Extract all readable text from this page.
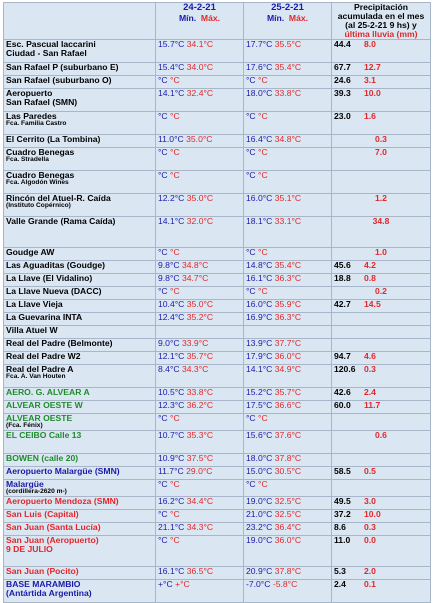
	24-2-21
Mín. Máx.	25-2-21
Mín. Máx.	Precipitación acumulada en el mes (al 25-2-21 9 hs) y última lluvia (mm)
Esc. Pascual Iaccarini
Ciudad - San Rafael	15.7°C 34.1°C	17.7°C 35.5°C	44.4 8.0
San Rafael P (suburbano E)	15.4°C 34.0°C	17.6°C 35.4°C	67.7 12.7
San Rafael (suburbano O)	°C °C	°C °C	24.6 3.1
Aeropuerto
San Rafael (SMN)	14.1°C 32.4°C	18.0°C 33.8°C	39.3 10.0
Las Paredes
Fca. Familia Castro	°C °C	°C °C	23.0 1.6
El Cerrito (La Tombina)	11.0°C 35.0°C	16.4°C 34.8°C	0.3
Cuadro Benegas
Fca. Stradella	°C °C	°C °C	7.0
Cuadro Benegas
Fca. Algodón Wines	°C °C	°C °C	
Rincón del Atuel-R. Caída
(Instituto Copérnico)	12.2°C 35.0°C	16.0°C 35.1°C	1.2
Valle Grande (Rama Caída)	14.1°C 32.0°C	18.1°C 33.1°C	34.8
Goudge AW	°C °C	°C °C	1.0
Las Aguaditas (Goudge)	9.8°C 34.8°C	14.8°C 35.4°C	45.6 4.2
La Llave (El Vidalino)	9.8°C 34.7°C	16.1°C 36.3°C	18.8 0.8
La Llave Nueva (DACC)	°C °C	°C °C	0.2
La Llave Vieja	10.4°C 35.0°C	16.0°C 35.9°C	42.7 14.5
La Guevarina INTA	12.4°C 35.2°C	16.9°C 36.3°C	
Villa Atuel W			
Real del Padre (Belmonte)	9.0°C 33.9°C	13.9°C 37.7°C	
Real del Padre W2	12.1°C 35.7°C	17.9°C 36.0°C	94.7 4.6
Real del Padre A
Fca. A. Van Houten	8.4°C 34.3°C	14.1°C 34.9°C	120.6 0.3
AERO. G. ALVEAR A	10.5°C 33.8°C	15.2°C 35.7°C	42.6 2.4
ALVEAR OESTE W	12.3°C 36.2°C	17.5°C 36.6°C	60.0 11.7
ALVEAR OESTE
(Fca. Fénix)	°C °C	°C °C	
EL CEIBO Calle 13	10.7°C 35.3°C	15.6°C 37.6°C	0.6
BOWEN (calle 20)	10.9°C 37.5°C	18.0°C 37.8°C	
Aeropuerto Malargüe (SMN)	11.7°C 29.0°C	15.0°C 30.5°C	58.5 0.5
Malargüe
(cordillera-2620 m-)	°C °C	°C °C	
Aeropuerto Mendoza (SMN)	16.2°C 34.4°C	19.0°C 32.5°C	49.5 3.0
San Luis (Capital)	°C °C	21.0°C 32.5°C	37.2 10.0
San Juan (Santa Lucía)	21.1°C 34.3°C	23.2°C 36.4°C	8.6 0.3
San Juan (Aeropuerto)
9 DE JULIO	°C °C	19.0°C 36.0°C	11.0 0.0
San Juan (Pocito)	16.1°C 36.5°C	20.9°C 37.8°C	5.3 2.0
BASE MARAMBIO
(Antártida Argentina)	+°C +°C	-7.0°C -5.8°C	2.4 0.1
